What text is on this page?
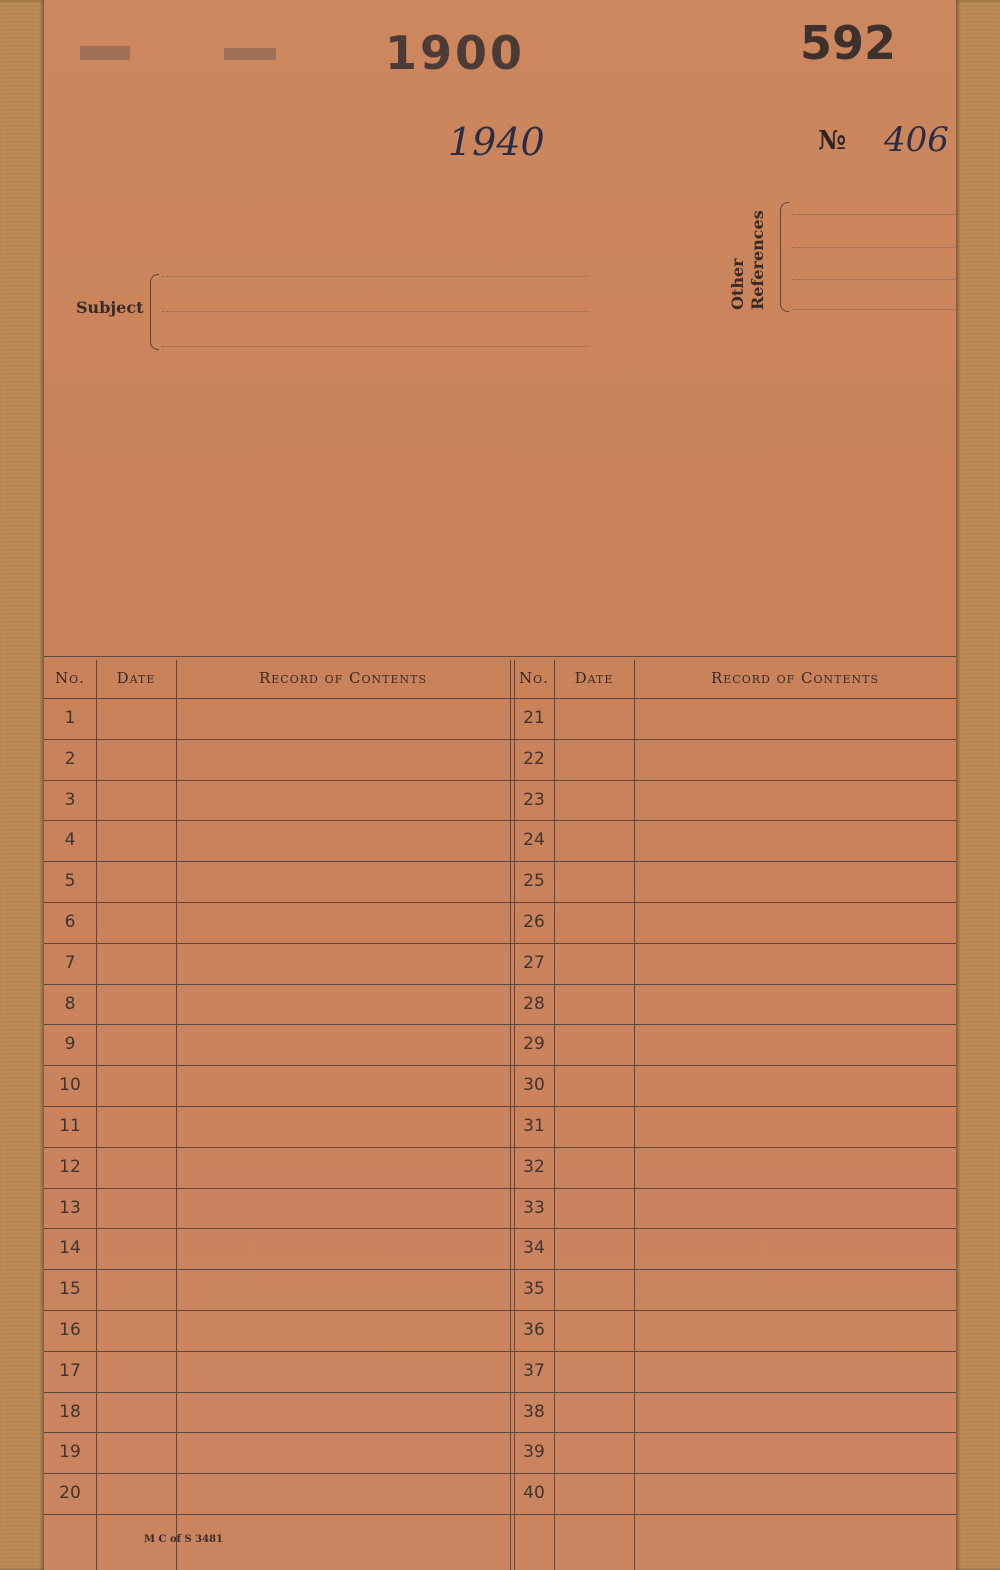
1900	592
1940	№ 406
Other References
Subject
No.	Date	Record of Contents	No.	Date	Record of Contents
M C of S 3481
1	21
2	22
3	23
4	24
5	25
6	26
7	27
8	28
9	29
10	30
11	31
12	32
13	33
14	34
15	35
16	36
17	37
18	38
19	39
20	40
